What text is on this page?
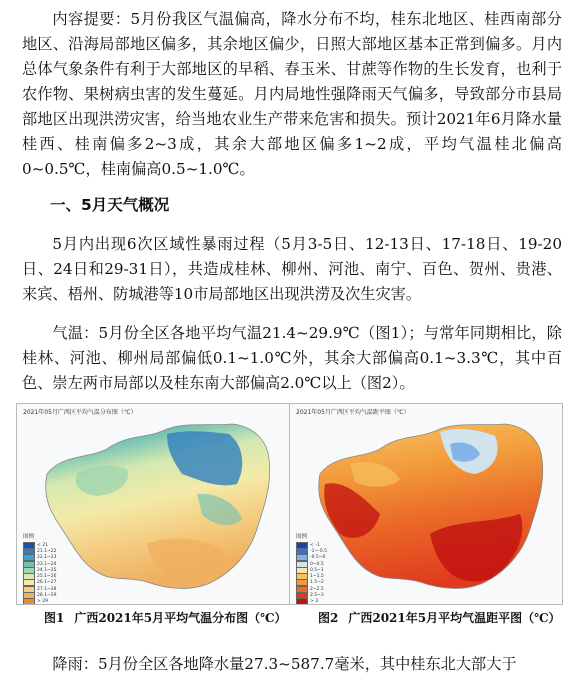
内容提要：5月份我区气温偏高，降水分布不均，桂东北地区、桂西南部分地区、沿海局部地区偏多，其余地区偏少，日照大部地区基本正常到偏多。月内总体气象条件有利于大部地区的早稻、春玉米、甘蔗等作物的生长发育，也利于农作物、果树病虫害的发生蔓延。月内局地性强降雨天气偏多，导致部分市县局部地区出现洪涝灾害，给当地农业生产带来危害和损失。预计2021年6月降水量桂西、桂南偏多2~3成，其余大部地区偏多1~2成，平均气温桂北偏高0~0.5℃，桂南偏高0.5~1.0℃。

一、5月天气概况

5月内出现6次区域性暴雨过程（5月3-5日、12-13日、17-18日、19-20日、24日和29-31日），共造成桂林、柳州、河池、南宁、百色、贺州、贵港、来宾、梧州、防城港等10市局部地区出现洪涝及次生灾害。

气温：5月份全区各地平均气温21.4~29.9℃（图1）；与常年同期相比，除桂林、河池、柳州局部偏低0.1~1.0℃外，其余大部偏高0.1~3.3℃，其中百色、崇左两市局部以及桂东南大部偏高2.0℃以上（图2）。

2021年05月广西区平均气温分布图（℃）
图例
< 21
21.1~22
22.1~23
23.1~24
24.1~25
25.1~26
26.1~27
27.1~28
28.1~29
> 29
2021年05月广西区平均气温距平图（℃）
图例
< -1
-1~-0.5
-0.5~0
0~0.5
0.5~1
1~1.5
1.5~2
2~2.5
2.5~3
> 3
图1 广西2021年5月平均气温分布图（℃）	图2 广西2021年5月平均气温距平图（℃）
降雨：5月份全区各地降水量27.3~587.7毫米，其中桂东北大部大于
